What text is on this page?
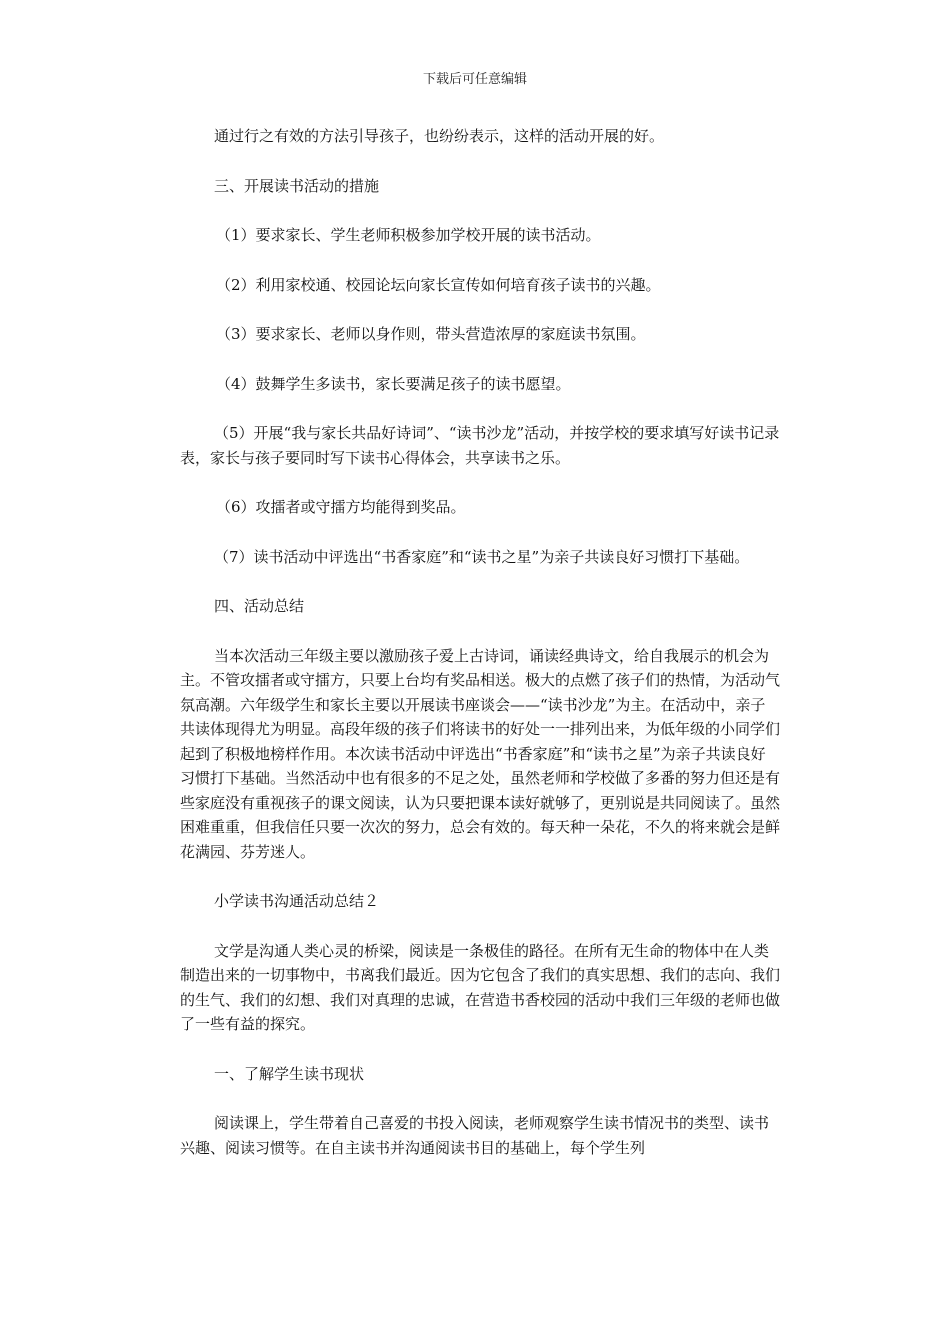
下载后可任意编辑

通过行之有效的方法引导孩子，也纷纷表示，这样的活动开展的好。

三、开展读书活动的措施

（1）要求家长、学生老师积极参加学校开展的读书活动。

（2）利用家校通、校园论坛向家长宣传如何培育孩子读书的兴趣。

（3）要求家长、老师以身作则，带头营造浓厚的家庭读书氛围。

（4）鼓舞学生多读书，家长要满足孩子的读书愿望。

（5）开展“我与家长共品好诗词”、“读书沙龙”活动，并按学校的要求填写好读书记录表，家长与孩子要同时写下读书心得体会，共享读书之乐。

（6）攻擂者或守擂方均能得到奖品。

（7）读书活动中评选出“书香家庭”和“读书之星”为亲子共读良好习惯打下基础。

四、活动总结

当本次活动三年级主要以激励孩子爱上古诗词，诵读经典诗文，给自我展示的机会为主。不管攻擂者或守擂方，只要上台均有奖品相送。极大的点燃了孩子们的热情，为活动气氛高潮。六年级学生和家长主要以开展读书座谈会——“读书沙龙”为主。在活动中，亲子共读体现得尤为明显。高段年级的孩子们将读书的好处一一排列出来，为低年级的小同学们起到了积极地榜样作用。本次读书活动中评选出“书香家庭”和“读书之星”为亲子共读良好习惯打下基础。当然活动中也有很多的不足之处，虽然老师和学校做了多番的努力但还是有些家庭没有重视孩子的课文阅读，认为只要把课本读好就够了，更别说是共同阅读了。虽然困难重重，但我信任只要一次次的努力，总会有效的。每天种一朵花，不久的将来就会是鲜花满园、芬芳迷人。

小学读书沟通活动总结２

文学是沟通人类心灵的桥梁，阅读是一条极佳的路径。在所有无生命的物体中在人类制造出来的一切事物中，书离我们最近。因为它包含了我们的真实思想、我们的志向、我们的生气、我们的幻想、我们对真理的忠诚，在营造书香校园的活动中我们三年级的老师也做了一些有益的探究。

一、了解学生读书现状

阅读课上，学生带着自己喜爱的书投入阅读，老师观察学生读书情况书的类型、读书兴趣、阅读习惯等。在自主读书并沟通阅读书目的基础上，每个学生列
